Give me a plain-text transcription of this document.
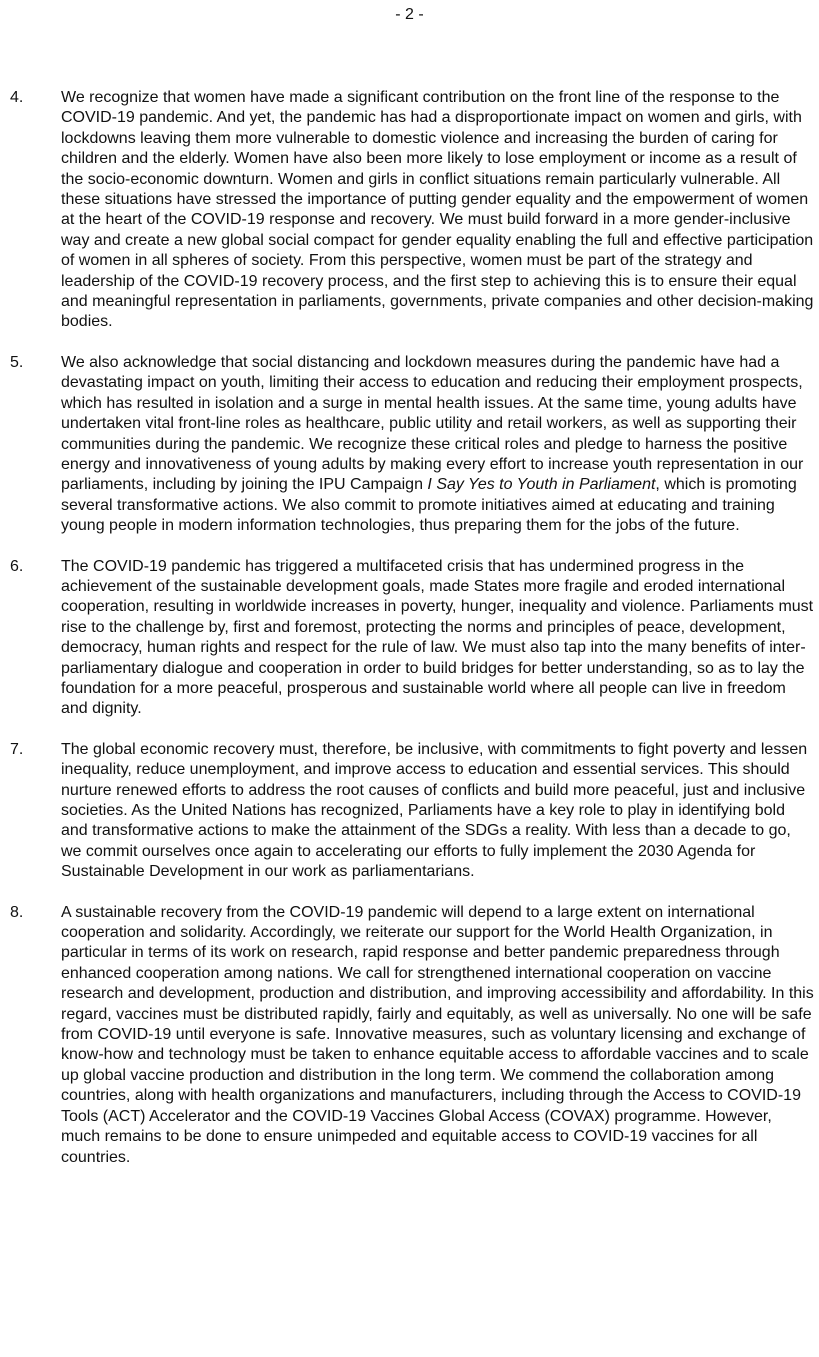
- 2 -
4. We recognize that women have made a significant contribution on the front line of the response to the COVID-19 pandemic. And yet, the pandemic has had a disproportionate impact on women and girls, with lockdowns leaving them more vulnerable to domestic violence and increasing the burden of caring for children and the elderly. Women have also been more likely to lose employment or income as a result of the socio-economic downturn. Women and girls in conflict situations remain particularly vulnerable. All these situations have stressed the importance of putting gender equality and the empowerment of women at the heart of the COVID-19 response and recovery. We must build forward in a more gender-inclusive way and create a new global social compact for gender equality enabling the full and effective participation of women in all spheres of society. From this perspective, women must be part of the strategy and leadership of the COVID-19 recovery process, and the first step to achieving this is to ensure their equal and meaningful representation in parliaments, governments, private companies and other decision-making bodies.
5. We also acknowledge that social distancing and lockdown measures during the pandemic have had a devastating impact on youth, limiting their access to education and reducing their employment prospects, which has resulted in isolation and a surge in mental health issues. At the same time, young adults have undertaken vital front-line roles as healthcare, public utility and retail workers, as well as supporting their communities during the pandemic. We recognize these critical roles and pledge to harness the positive energy and innovativeness of young adults by making every effort to increase youth representation in our parliaments, including by joining the IPU Campaign I Say Yes to Youth in Parliament, which is promoting several transformative actions. We also commit to promote initiatives aimed at educating and training young people in modern information technologies, thus preparing them for the jobs of the future.
6. The COVID-19 pandemic has triggered a multifaceted crisis that has undermined progress in the achievement of the sustainable development goals, made States more fragile and eroded international cooperation, resulting in worldwide increases in poverty, hunger, inequality and violence. Parliaments must rise to the challenge by, first and foremost, protecting the norms and principles of peace, development, democracy, human rights and respect for the rule of law. We must also tap into the many benefits of inter-parliamentary dialogue and cooperation in order to build bridges for better understanding, so as to lay the foundation for a more peaceful, prosperous and sustainable world where all people can live in freedom and dignity.
7. The global economic recovery must, therefore, be inclusive, with commitments to fight poverty and lessen inequality, reduce unemployment, and improve access to education and essential services. This should nurture renewed efforts to address the root causes of conflicts and build more peaceful, just and inclusive societies. As the United Nations has recognized, Parliaments have a key role to play in identifying bold and transformative actions to make the attainment of the SDGs a reality. With less than a decade to go, we commit ourselves once again to accelerating our efforts to fully implement the 2030 Agenda for Sustainable Development in our work as parliamentarians.
8. A sustainable recovery from the COVID-19 pandemic will depend to a large extent on international cooperation and solidarity. Accordingly, we reiterate our support for the World Health Organization, in particular in terms of its work on research, rapid response and better pandemic preparedness through enhanced cooperation among nations. We call for strengthened international cooperation on vaccine research and development, production and distribution, and improving accessibility and affordability. In this regard, vaccines must be distributed rapidly, fairly and equitably, as well as universally. No one will be safe from COVID-19 until everyone is safe. Innovative measures, such as voluntary licensing and exchange of know-how and technology must be taken to enhance equitable access to affordable vaccines and to scale up global vaccine production and distribution in the long term. We commend the collaboration among countries, along with health organizations and manufacturers, including through the Access to COVID-19 Tools (ACT) Accelerator and the COVID-19 Vaccines Global Access (COVAX) programme. However, much remains to be done to ensure unimpeded and equitable access to COVID-19 vaccines for all countries.
